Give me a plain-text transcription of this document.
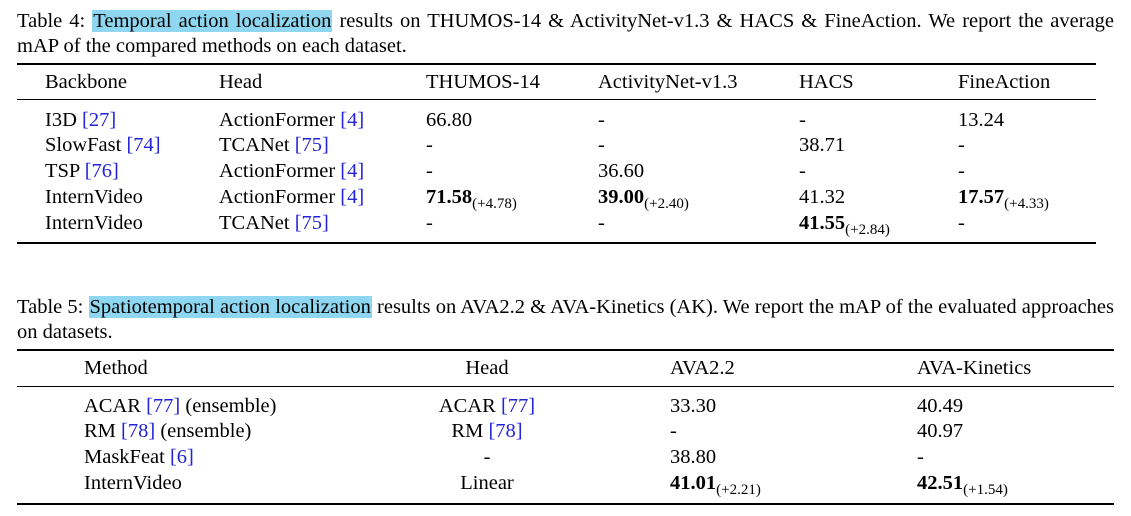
Table 4: Temporal action localization results on THUMOS-14 & ActivityNet-v1.3 & HACS & FineAction. We report the average mAP of the compared methods on each dataset.
Backbone	Head	THUMOS-14	ActivityNet-v1.3	HACS	FineAction
I3D [27]	ActionFormer [4]	66.80	-	-	13.24
SlowFast [74]	TCANet [75]	-	-	38.71	-
TSP [76]	ActionFormer [4]	-	36.60	-	-
InternVideo	ActionFormer [4]	$71.58_{(+4.78)}$	$39.00_{(+2.40)}$	41.32	$17.57_{(+4.33)}$
InternVideo	TCANet [75]	-	-	$41.55_{(+2.84)}$	-
Table 5: Spatiotemporal action localization results on AVA2.2 & AVA-Kinetics (AK). We report the mAP of the evaluated approaches on datasets.
Method	Head	AVA2.2	AVA-Kinetics
ACAR [77] (ensemble)	ACAR [77]	33.30	40.49
RM [78] (ensemble)	RM [78]	-	40.97
MaskFeat [6]	-	38.80	-
InternVideo	Linear	$41.01_{(+2.21)}$	$42.51_{(+1.54)}$
